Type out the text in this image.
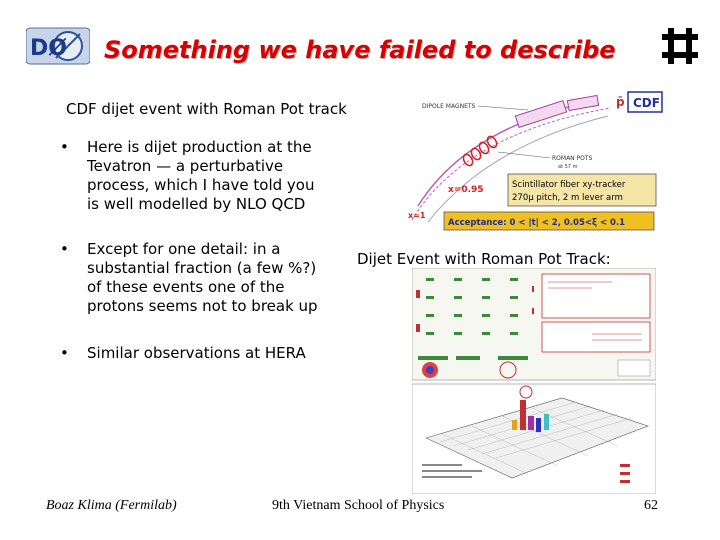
DØ Something we have failed to describe
CDF dijet event with Roman Pot track
• Here is dijet production at the
Tevatron — a perturbative
process, which I have told you
is well modelled by NLO QCD
• Except for one detail: in a
substantial fraction (a few %?)
of these events one of the
protons seems not to break up
• Similar observations at HERA
DIPOLE MAGNETS	p̄ CDF
ROMAN POTS
at 57 m
x=0.95
x=1
Scintillator fiber xy-tracker
270μ pitch, 2 m lever arm
Acceptance: 0 < |t| < 2, 0.05<ξ < 0.1
Dijet Event with Roman Pot Track:
Boaz Klima (Fermilab)	9th Vietnam School of Physics	62
